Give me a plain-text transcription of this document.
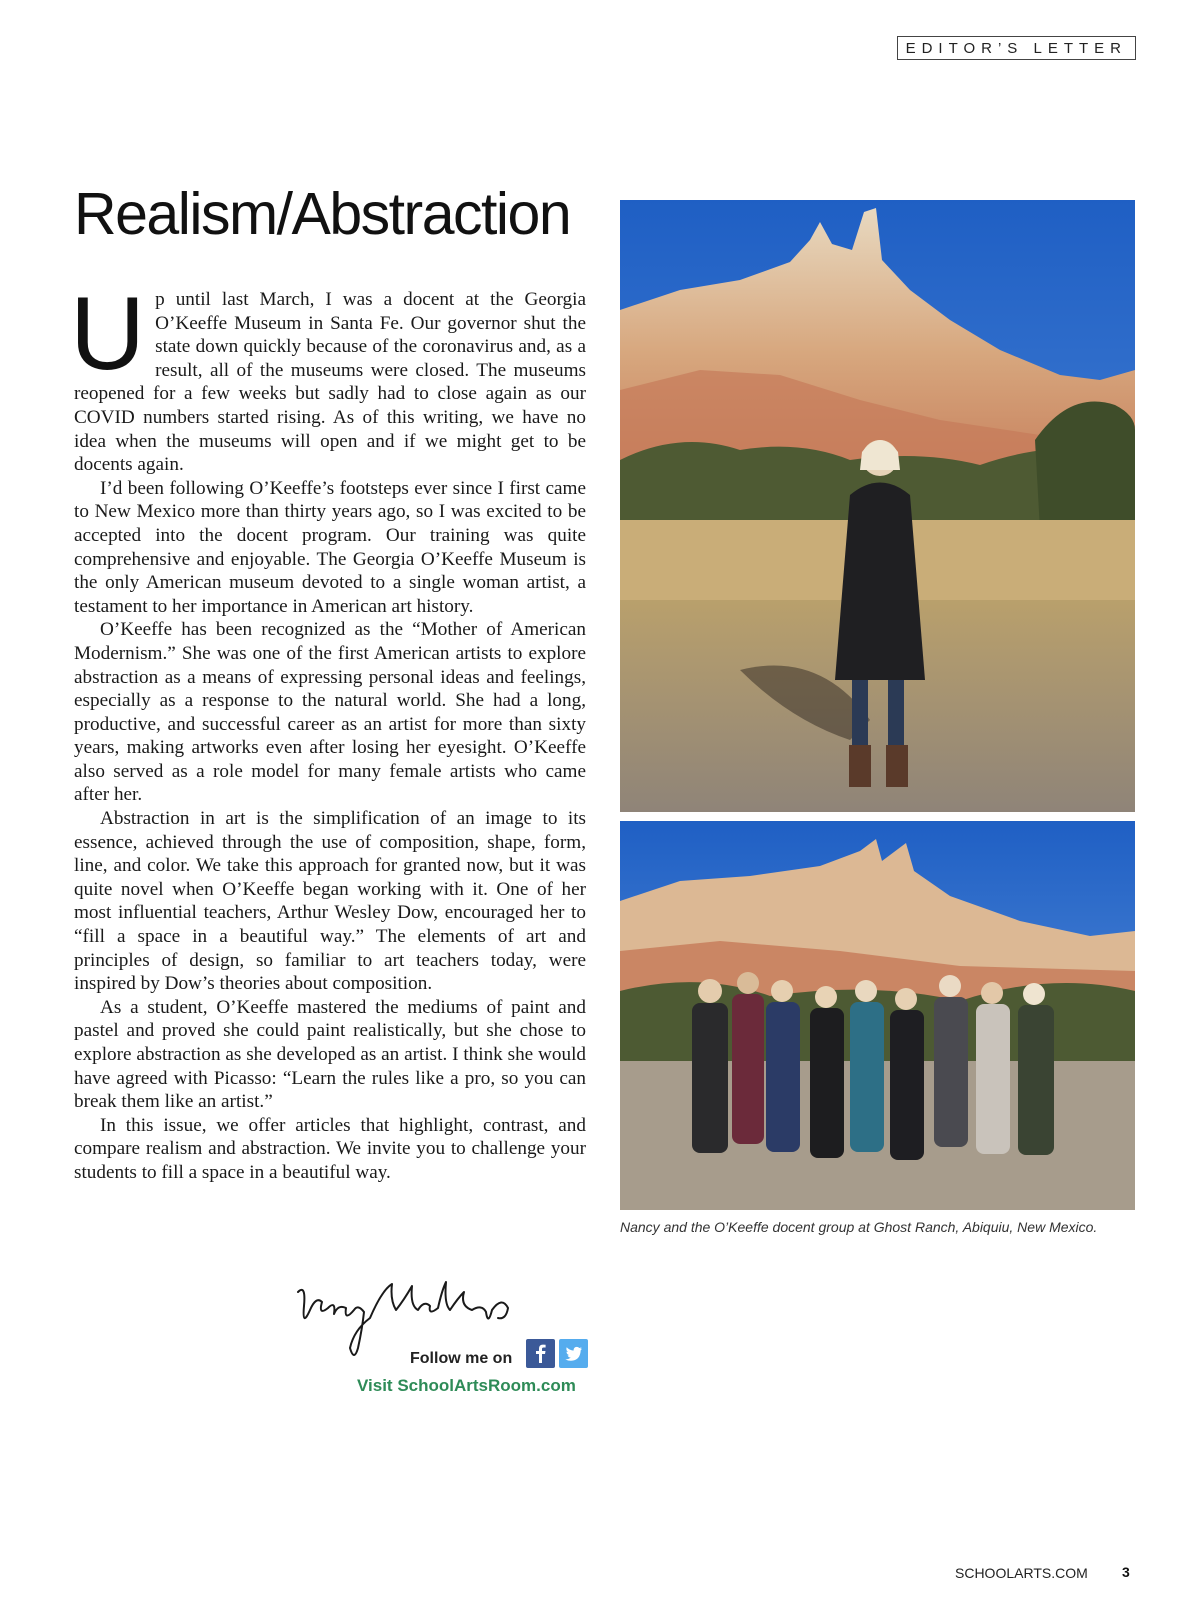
EDITOR’S LETTER
Realism/Abstraction

Up until last March, I was a docent at the Georgia O’Keeffe Museum in Santa Fe. Our governor shut the state down quickly because of the coronavirus and, as a result, all of the museums were closed. The museums reopened for a few weeks but sadly had to close again as our COVID numbers started rising. As of this writing, we have no idea when the museums will open and if we might get to be docents again.

I’d been following O’Keeffe’s footsteps ever since I first came to New Mexico more than thirty years ago, so I was excited to be accepted into the docent program. Our training was quite comprehensive and enjoyable. The Georgia O’Keeffe Museum is the only American museum devoted to a single woman artist, a testament to her importance in American art history.

O’Keeffe has been recognized as the “Mother of American Modernism.” She was one of the first American artists to explore abstraction as a means of expressing personal ideas and feelings, especially as a response to the natural world. She had a long, productive, and successful career as an artist for more than sixty years, making artworks even after losing her eyesight. O’Keeffe also served as a role model for many female artists who came after her.

Abstraction in art is the simplification of an image to its essence, achieved through the use of composition, shape, form, line, and color. We take this approach for granted now, but it was quite novel when O’Keeffe began working with it. One of her most influential teachers, Arthur Wesley Dow, encouraged her to “fill a space in a beautiful way.” The elements of art and principles of design, so familiar to art teachers today, were inspired by Dow’s theories about composition.

As a student, O’Keeffe mastered the mediums of paint and pastel and proved she could paint realistically, but she chose to explore abstraction as she developed as an artist. I think she would have agreed with Picasso: “Learn the rules like a pro, so you can break them like an artist.”

In this issue, we offer articles that highlight, contrast, and compare realism and abstraction. We invite you to challenge your students to fill a space in a beautiful way.

Nancy and the O’Keeffe docent group at Ghost Ranch, Abiquiu, New Mexico.
Follow me on
Visit SchoolArtsRoom.com
SCHOOLARTS.COM 3
